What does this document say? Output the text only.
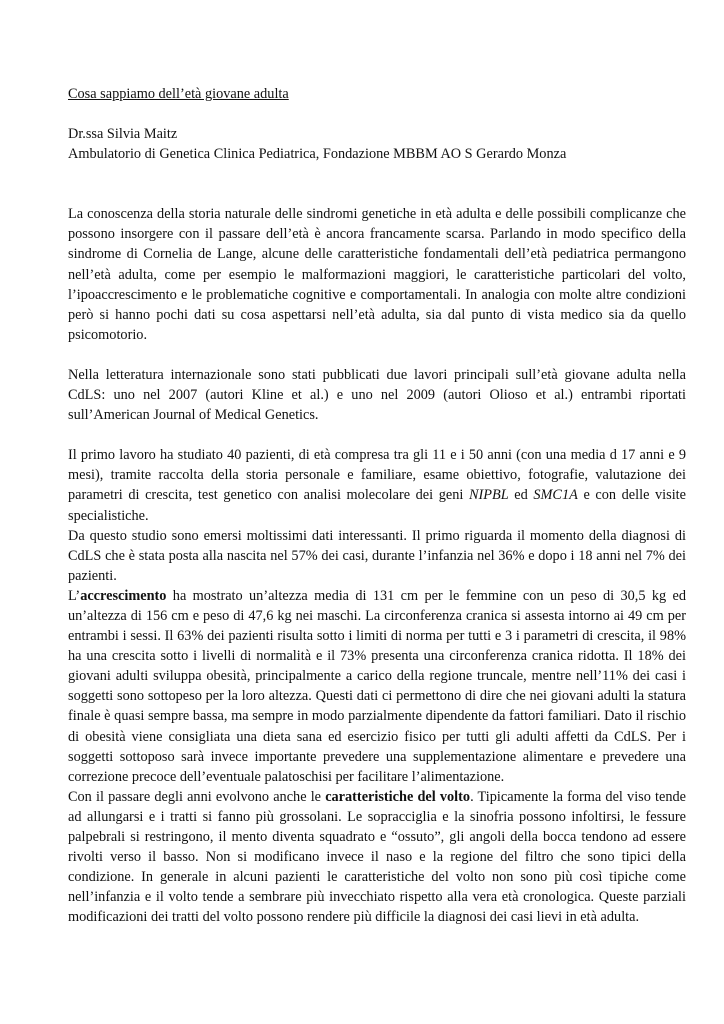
Cosa sappiamo dell’età giovane adulta
Dr.ssa Silvia Maitz
Ambulatorio di Genetica Clinica Pediatrica, Fondazione MBBM AO S Gerardo Monza

La conoscenza della storia naturale delle sindromi genetiche in età adulta e delle possibili complicanze che possono insorgere con il passare dell’età è ancora francamente scarsa. Parlando in modo specifico della sindrome di Cornelia de Lange, alcune delle caratteristiche fondamentali dell’età pediatrica permangono nell’età adulta, come per esempio le malformazioni maggiori, le caratteristiche particolari del volto, l’ipoaccrescimento e le problematiche cognitive e comportamentali. In analogia con molte altre condizioni però si hanno pochi dati su cosa aspettarsi nell’età adulta, sia dal punto di vista medico sia da quello psicomotorio.

Nella letteratura internazionale sono stati pubblicati due lavori principali sull’età giovane adulta nella CdLS: uno nel 2007 (autori Kline et al.) e uno nel 2009 (autori Olioso et al.) entrambi riportati sull’American Journal of Medical Genetics.

Il primo lavoro ha studiato 40 pazienti, di età compresa tra gli 11 e i 50 anni (con una media d 17 anni e 9 mesi), tramite raccolta della storia personale e familiare, esame obiettivo, fotografie, valutazione dei parametri di crescita, test genetico con analisi molecolare dei geni NIPBL ed SMC1A e con delle visite specialistiche.

Da questo studio sono emersi moltissimi dati interessanti. Il primo riguarda il momento della diagnosi di CdLS che è stata posta alla nascita nel 57% dei casi, durante l’infanzia nel 36% e dopo i 18 anni nel 7% dei pazienti.

L’accrescimento ha mostrato un’altezza media di 131 cm per le femmine con un peso di 30,5 kg ed un’altezza di 156 cm e peso di 47,6 kg nei maschi. La circonferenza cranica si assesta intorno ai 49 cm per entrambi i sessi. Il 63% dei pazienti risulta sotto i limiti di norma per tutti e 3 i parametri di crescita, il 98% ha una crescita sotto i livelli di normalità e il 73% presenta una circonferenza cranica ridotta. Il 18% dei giovani adulti sviluppa obesità, principalmente a carico della regione truncale, mentre nell’11% dei casi i soggetti sono sottopeso per la loro altezza. Questi dati ci permettono di dire che nei giovani adulti la statura finale è quasi sempre bassa, ma sempre in modo parzialmente dipendente da fattori familiari. Dato il rischio di obesità viene consigliata una dieta sana ed esercizio fisico per tutti gli adulti affetti da CdLS. Per i soggetti sottoposo sarà invece importante prevedere una supplementazione alimentare e prevedere una correzione precoce dell’eventuale palatoschisi per facilitare l’alimentazione.

Con il passare degli anni evolvono anche le caratteristiche del volto. Tipicamente la forma del viso tende ad allungarsi e i tratti si fanno più grossolani. Le sopracciglia e la sinofria possono infoltirsi, le fessure palpebrali si restringono, il mento diventa squadrato e “ossuto”, gli angoli della bocca tendono ad essere rivolti verso il basso. Non si modificano invece il naso e la regione del filtro che sono tipici della condizione. In generale in alcuni pazienti le caratteristiche del volto non sono più così tipiche come nell’infanzia e il volto tende a sembrare più invecchiato rispetto alla vera età cronologica. Queste parziali modificazioni dei tratti del volto possono rendere più difficile la diagnosi dei casi lievi in età adulta.
